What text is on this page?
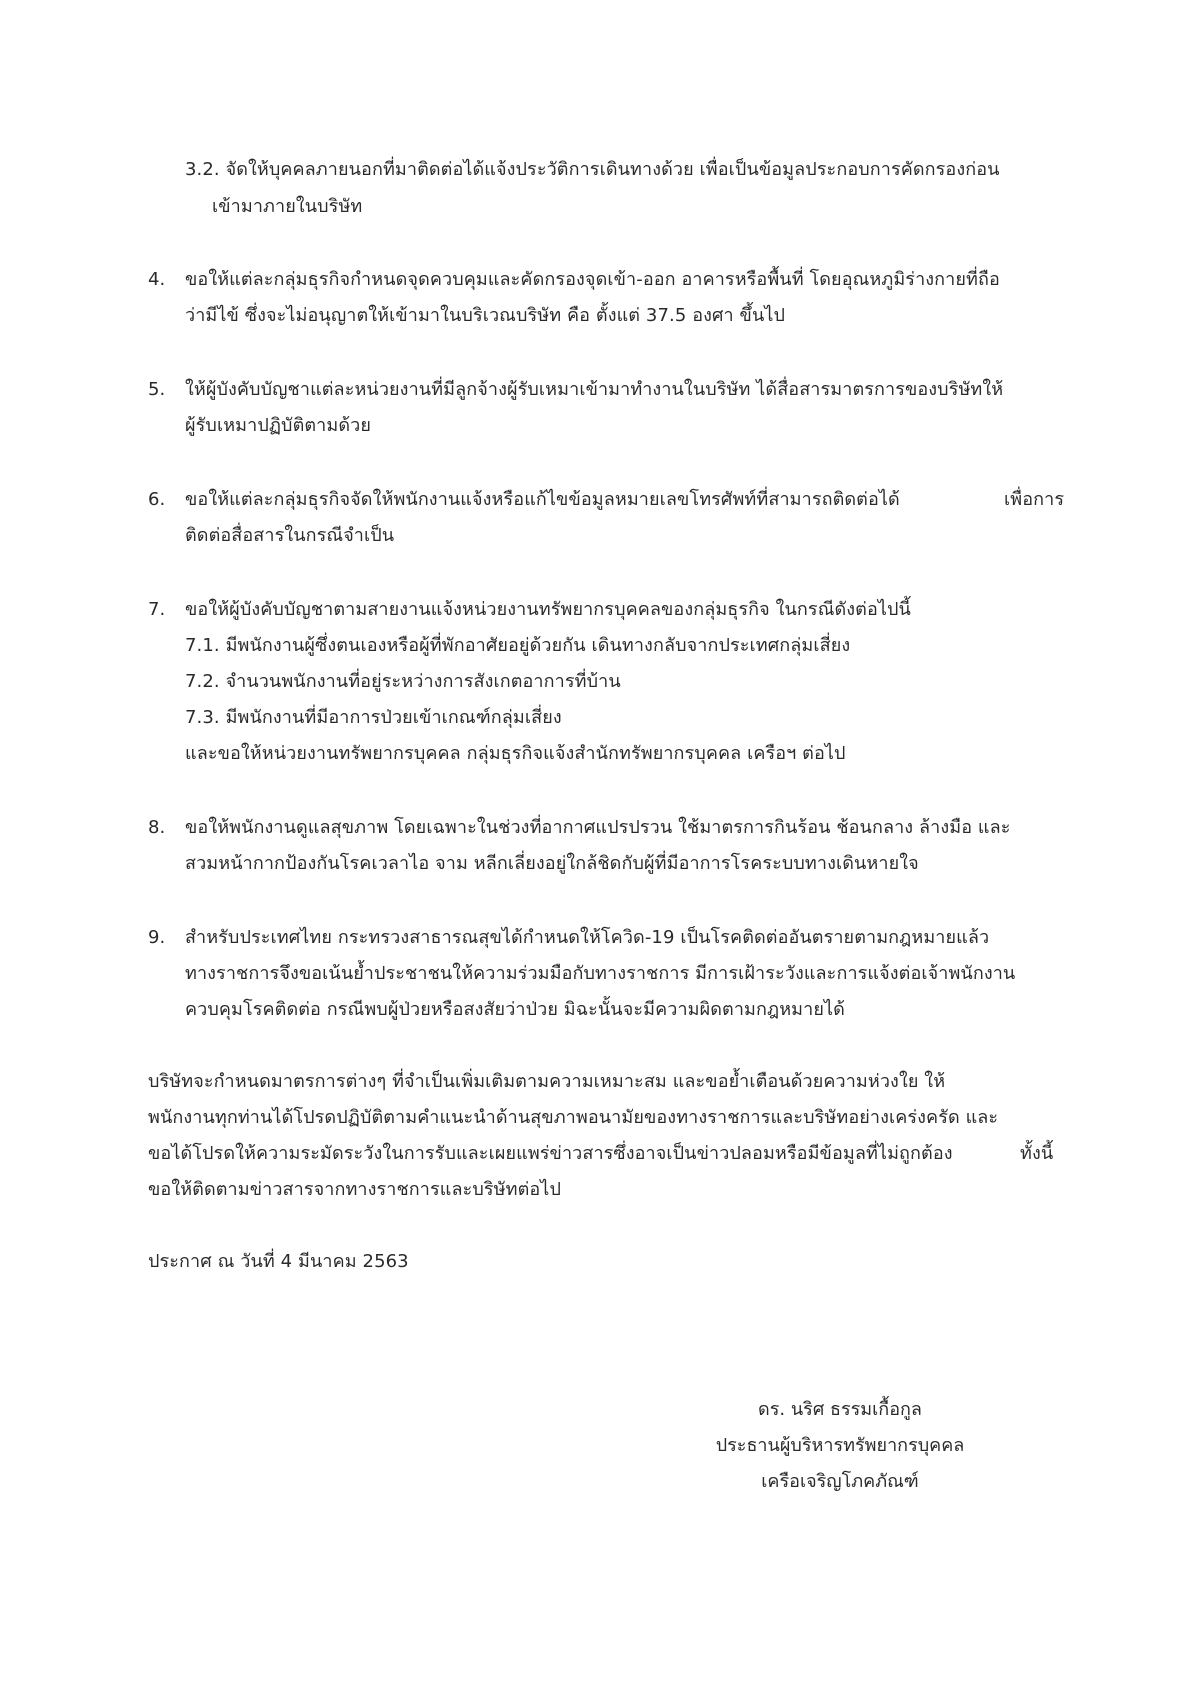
3.2. จัดให้บุคคลภายนอกที่มาติดต่อได้แจ้งประวัติการเดินทางด้วย เพื่อเป็นข้อมูลประกอบการคัดกรองก่อน
เข้ามาภายในบริษัท
4. ขอให้แต่ละกลุ่มธุรกิจกำหนดจุดควบคุมและคัดกรองจุดเข้า-ออก อาคารหรือพื้นที่ โดยอุณหภูมิร่างกายที่ถือ
ว่ามีไข้ ซึ่งจะไม่อนุญาตให้เข้ามาในบริเวณบริษัท คือ ตั้งแต่ 37.5 องศา ขึ้นไป
5. ให้ผู้บังคับบัญชาแต่ละหน่วยงานที่มีลูกจ้างผู้รับเหมาเข้ามาทำงานในบริษัท ได้สื่อสารมาตรการของบริษัทให้
ผู้รับเหมาปฏิบัติตามด้วย
6. ขอให้แต่ละกลุ่มธุรกิจจัดให้พนักงานแจ้งหรือแก้ไขข้อมูลหมายเลขโทรศัพท์ที่สามารถติดต่อได้	เพื่อการ
ติดต่อสื่อสารในกรณีจำเป็น
7. ขอให้ผู้บังคับบัญชาตามสายงานแจ้งหน่วยงานทรัพยากรบุคคลของกลุ่มธุรกิจ ในกรณีดังต่อไปนี้
7.1. มีพนักงานผู้ซึ่งตนเองหรือผู้ที่พักอาศัยอยู่ด้วยกัน เดินทางกลับจากประเทศกลุ่มเสี่ยง
7.2. จำนวนพนักงานที่อยู่ระหว่างการสังเกตอาการที่บ้าน
7.3. มีพนักงานที่มีอาการป่วยเข้าเกณฑ์กลุ่มเสี่ยง
และขอให้หน่วยงานทรัพยากรบุคคล กลุ่มธุรกิจแจ้งสำนักทรัพยากรบุคคล เครือฯ ต่อไป
8. ขอให้พนักงานดูแลสุขภาพ โดยเฉพาะในช่วงที่อากาศแปรปรวน ใช้มาตรการกินร้อน ช้อนกลาง ล้างมือ และ
สวมหน้ากากป้องกันโรคเวลาไอ จาม หลีกเลี่ยงอยู่ใกล้ชิดกับผู้ที่มีอาการโรคระบบทางเดินหายใจ
9. สำหรับประเทศไทย กระทรวงสาธารณสุขได้กำหนดให้โควิด-19 เป็นโรคติดต่ออันตรายตามกฎหมายแล้ว
ทางราชการจึงขอเน้นย้ำประชาชนให้ความร่วมมือกับทางราชการ มีการเฝ้าระวังและการแจ้งต่อเจ้าพนักงาน
ควบคุมโรคติดต่อ กรณีพบผู้ป่วยหรือสงสัยว่าป่วย มิฉะนั้นจะมีความผิดตามกฎหมายได้
บริษัทจะกำหนดมาตรการต่างๆ ที่จำเป็นเพิ่มเติมตามความเหมาะสม และขอย้ำเตือนด้วยความห่วงใย ให้
พนักงานทุกท่านได้โปรดปฏิบัติตามคำแนะนำด้านสุขภาพอนามัยของทางราชการและบริษัทอย่างเคร่งครัด และ
ขอได้โปรดให้ความระมัดระวังในการรับและเผยแพร่ข่าวสารซึ่งอาจเป็นข่าวปลอมหรือมีข้อมูลที่ไม่ถูกต้อง	ทั้งนี้
ขอให้ติดตามข่าวสารจากทางราชการและบริษัทต่อไป
ประกาศ ณ วันที่ 4 มีนาคม 2563
ดร. นริศ ธรรมเกื้อกูล
ประธานผู้บริหารทรัพยากรบุคคล
เครือเจริญโภคภัณฑ์
